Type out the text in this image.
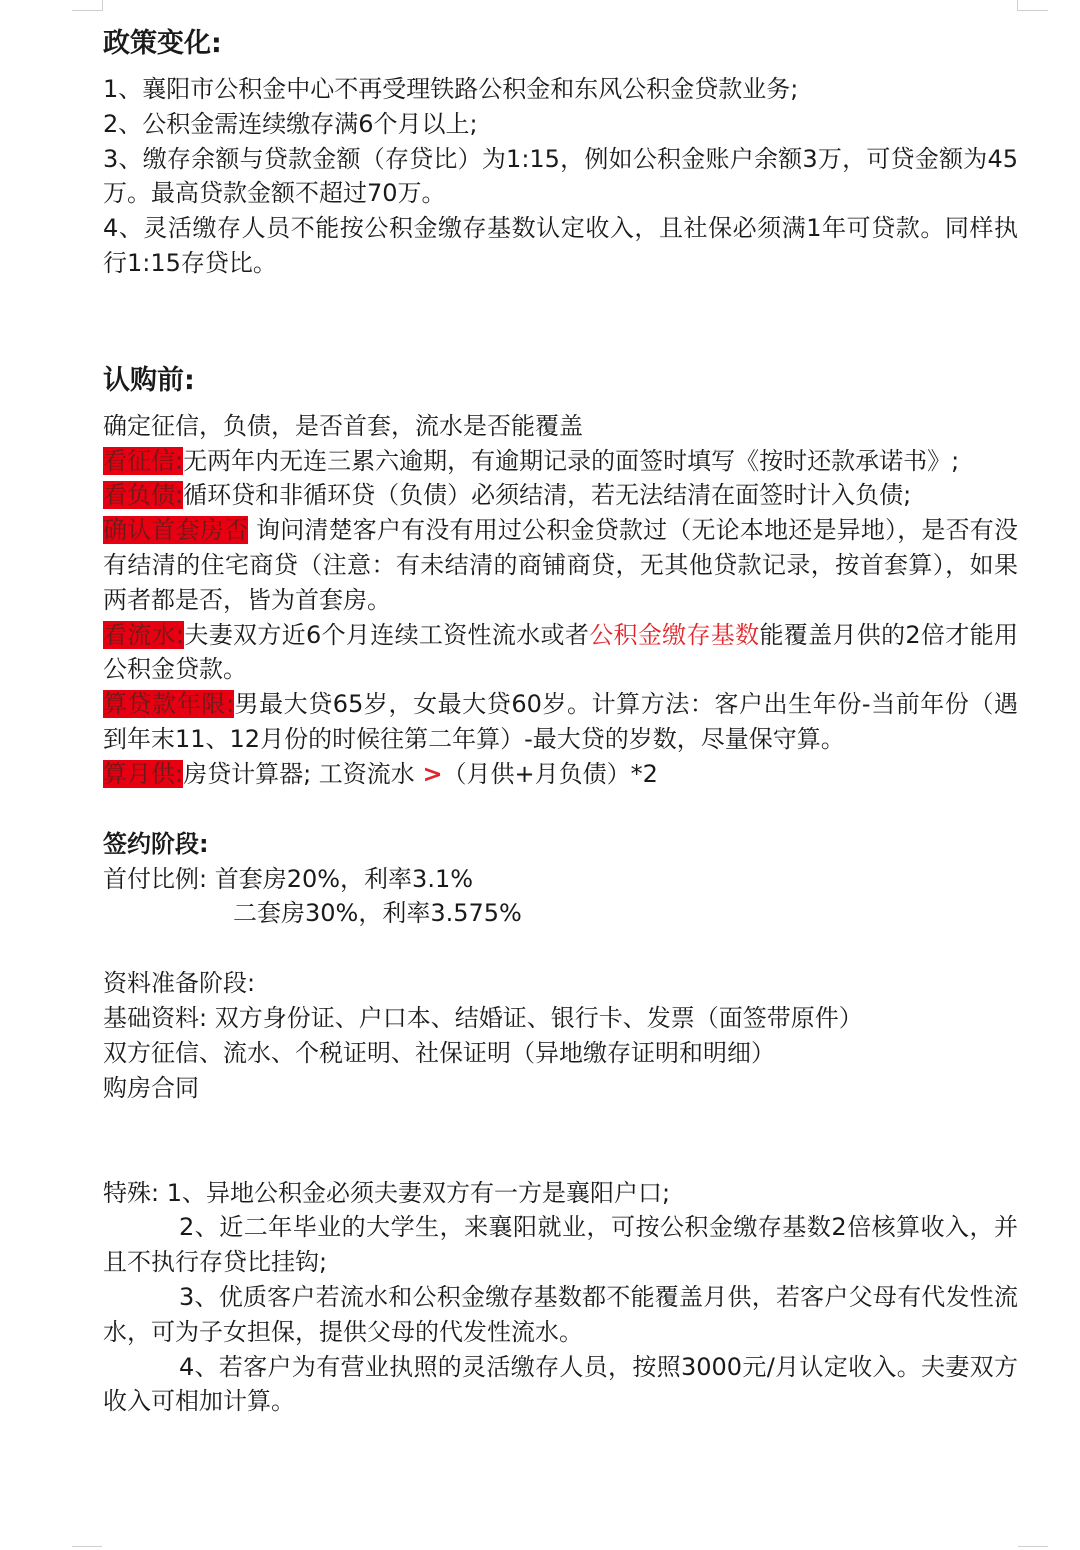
政策变化:

1、襄阳市公积金中心不再受理铁路公积金和东风公积金贷款业务;

2、公积金需连续缴存满6个月以上;

3、缴存余额与贷款金额（存贷比）为1:15，例如公积金账户余额3万，可贷金额为45万。最高贷款金额不超过70万。

4、灵活缴存人员不能按公积金缴存基数认定收入，且社保必须满1年可贷款。同样执行1:15存贷比。

认购前:

确定征信，负债，是否首套，流水是否能覆盖

看征信:无两年内无连三累六逾期，有逾期记录的面签时填写《按时还款承诺书》;

看负债:循环贷和非循环贷（负债）必须结清，若无法结清在面签时计入负债;

确认首套房否 询问清楚客户有没有用过公积金贷款过（无论本地还是异地），是否有没有结清的住宅商贷（注意：有未结清的商铺商贷，无其他贷款记录，按首套算），如果两者都是否，皆为首套房。

看流水:夫妻双方近6个月连续工资性流水或者公积金缴存基数能覆盖月供的2倍才能用公积金贷款。

算贷款年限:男最大贷65岁，女最大贷60岁。计算方法：客户出生年份-当前年份（遇到年末11、12月份的时候往第二年算）-最大贷的岁数，尽量保守算。

算月供:房贷计算器; 工资流水 >（月供+月负债）*2

签约阶段:

首付比例: 首套房20%，利率3.1%

二套房30%，利率3.575%

资料准备阶段:

基础资料: 双方身份证、户口本、结婚证、银行卡、发票（面签带原件）

双方征信、流水、个税证明、社保证明（异地缴存证明和明细）

购房合同

特殊: 1、异地公积金必须夫妻双方有一方是襄阳户口;

2、近二年毕业的大学生，来襄阳就业，可按公积金缴存基数2倍核算收入，并且不执行存贷比挂钩;

3、优质客户若流水和公积金缴存基数都不能覆盖月供，若客户父母有代发性流水，可为子女担保，提供父母的代发性流水。

4、若客户为有营业执照的灵活缴存人员，按照3000元/月认定收入。夫妻双方收入可相加计算。
